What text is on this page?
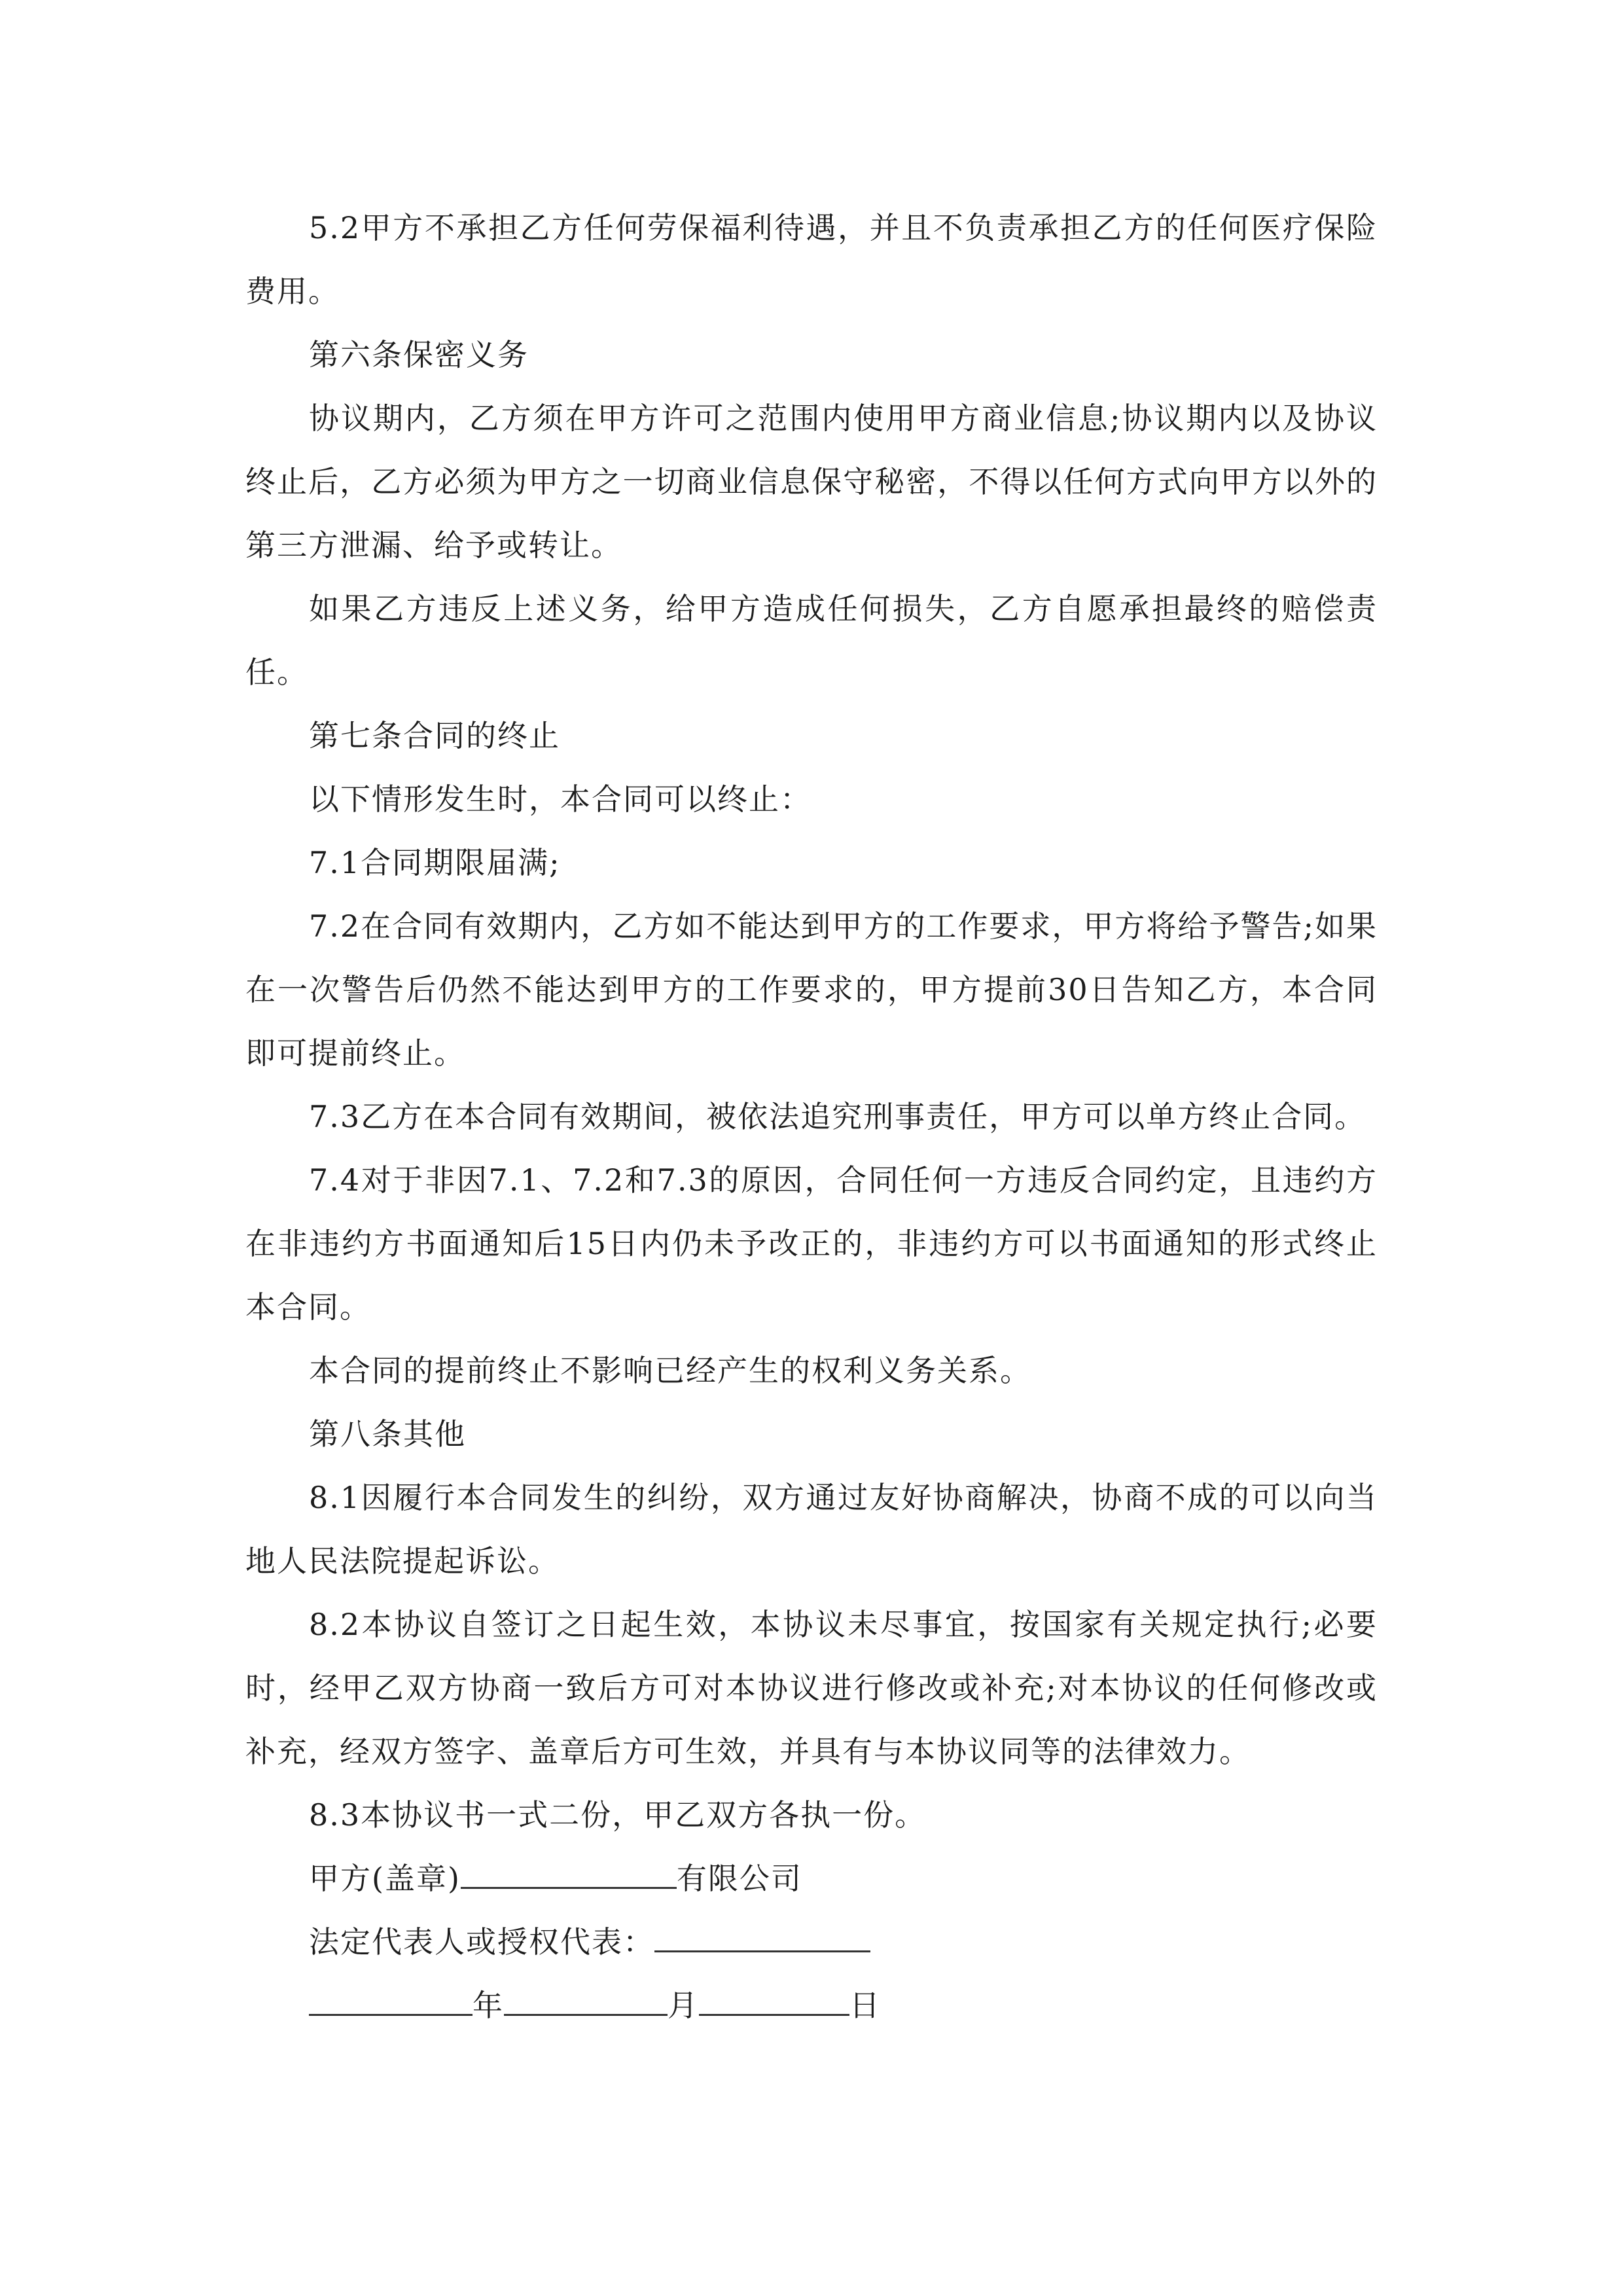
5.2甲方不承担乙方任何劳保福利待遇，并且不负责承担乙方的任何医疗保险费用。

第六条保密义务

协议期内，乙方须在甲方许可之范围内使用甲方商业信息;协议期内以及协议终止后，乙方必须为甲方之一切商业信息保守秘密，不得以任何方式向甲方以外的第三方泄漏、给予或转让。

如果乙方违反上述义务，给甲方造成任何损失，乙方自愿承担最终的赔偿责任。

第七条合同的终止

以下情形发生时，本合同可以终止：

7.1合同期限届满;

7.2在合同有效期内，乙方如不能达到甲方的工作要求，甲方将给予警告;如果在一次警告后仍然不能达到甲方的工作要求的，甲方提前30日告知乙方，本合同即可提前终止。

7.3乙方在本合同有效期间，被依法追究刑事责任，甲方可以单方终止合同。

7.4对于非因7.1、7.2和7.3的原因，合同任何一方违反合同约定，且违约方在非违约方书面通知后15日内仍未予改正的，非违约方可以书面通知的形式终止本合同。

本合同的提前终止不影响已经产生的权利义务关系。

第八条其他

8.1因履行本合同发生的纠纷，双方通过友好协商解决，协商不成的可以向当地人民法院提起诉讼。

8.2本协议自签订之日起生效，本协议未尽事宜，按国家有关规定执行;必要时，经甲乙双方协商一致后方可对本协议进行修改或补充;对本协议的任何修改或补充，经双方签字、盖章后方可生效，并具有与本协议同等的法律效力。

8.3本协议书一式二份，甲乙双方各执一份。

甲方(盖章)	有限公司

法定代表人或授权代表：

年	月	日
